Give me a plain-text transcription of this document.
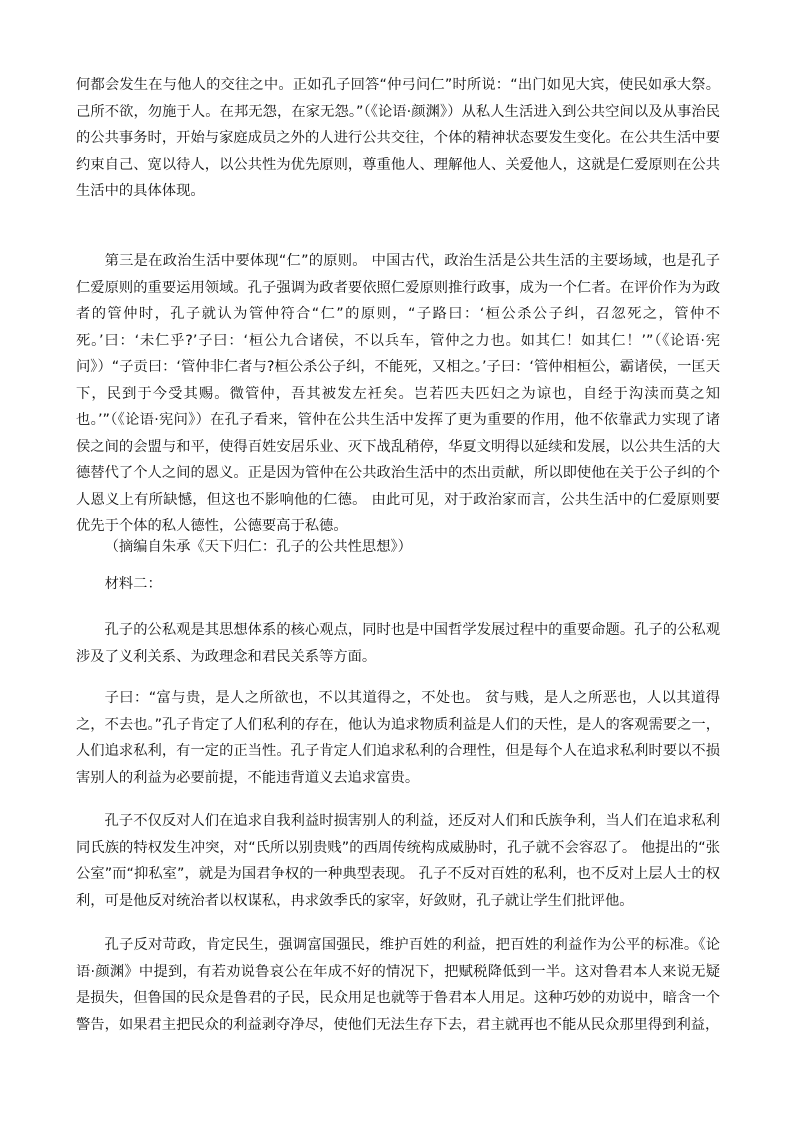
何都会发生在与他人的交往之中。正如孔子回答“仲弓问仁”时所说：“出门如见大宾，使民如承大祭。己所不欲，勿施于人。在邦无怨，在家无怨。”（《论语·颜渊》）从私人生活进入到公共空间以及从事治民的公共事务时，开始与家庭成员之外的人进行公共交往，个体的精神状态要发生变化。在公共生活中要约束自己、宽以待人，以公共性为优先原则，尊重他人、理解他人、关爱他人，这就是仁爱原则在公共生活中的具体体现。

第三是在政治生活中要体现“仁”的原则。 中国古代，政治生活是公共生活的主要场域，也是孔子仁爱原则的重要运用领域。孔子强调为政者要依照仁爱原则推行政事，成为一个仁者。在评价作为为政者的管仲时，孔子就认为管仲符合“仁”的原则，“子路曰：‘桓公杀公子纠，召忽死之，管仲不死。’曰：‘未仁乎?’子曰：‘桓公九合诸侯，不以兵车，管仲之力也。如其仁！如其仁！’”（《论语·宪问》）“子贡曰：‘管仲非仁者与?桓公杀公子纠，不能死，又相之。’子曰：‘管仲相桓公，霸诸侯，一匡天下，民到于今受其赐。微管仲，吾其被发左衽矣。岂若匹夫匹妇之为谅也，自经于沟渎而莫之知也。’”（《论语·宪问》）在孔子看来，管仲在公共生活中发挥了更为重要的作用，他不依靠武力实现了诸侯之间的会盟与和平，使得百姓安居乐业、灭下战乱稍停，华夏文明得以延续和发展，以公共生活的大德替代了个人之间的恩义。正是因为管仲在公共政治生活中的杰出贡献，所以即使他在关于公子纠的个人恩义上有所缺憾，但这也不影响他的仁德。 由此可见，对于政治家而言，公共生活中的仁爱原则要优先于个体的私人德性，公德要高于私德。

（摘编自朱承《天下归仁：孔子的公共性思想》）

材料二：

孔子的公私观是其思想体系的核心观点，同时也是中国哲学发展过程中的重要命题。孔子的公私观涉及了义利关系、为政理念和君民关系等方面。

子曰：“富与贵，是人之所欲也，不以其道得之，不处也。 贫与贱，是人之所恶也，人以其道得之，不去也。”孔子肯定了人们私利的存在，他认为追求物质利益是人们的天性，是人的客观需要之一，人们追求私利，有一定的正当性。孔子肯定人们追求私利的合理性，但是每个人在追求私利时要以不损害别人的利益为必要前提，不能违背道义去追求富贵。

孔子不仅反对人们在追求自我利益时损害别人的利益，还反对人们和氏族争利，当人们在追求私利同氏族的特权发生冲突，对“氏所以别贵贱”的西周传统构成威胁时，孔子就不会容忍了。 他提出的“张公室”而“抑私室”，就是为国君争权的一种典型表现。 孔子不反对百姓的私利，也不反对上层人士的权利，可是他反对统治者以权谋私，冉求敛季氏的家宰，好敛财，孔子就让学生们批评他。

孔子反对苛政，肯定民生，强调富国强民，维护百姓的利益，把百姓的利益作为公平的标准。《论语·颜渊》中提到，有若劝说鲁哀公在年成不好的情况下，把赋税降低到一半。这对鲁君本人来说无疑是损失，但鲁国的民众是鲁君的子民，民众用足也就等于鲁君本人用足。这种巧妙的劝说中，暗含一个警告，如果君主把民众的利益剥夺净尽，使他们无法生存下去，君主就再也不能从民众那里得到利益，
